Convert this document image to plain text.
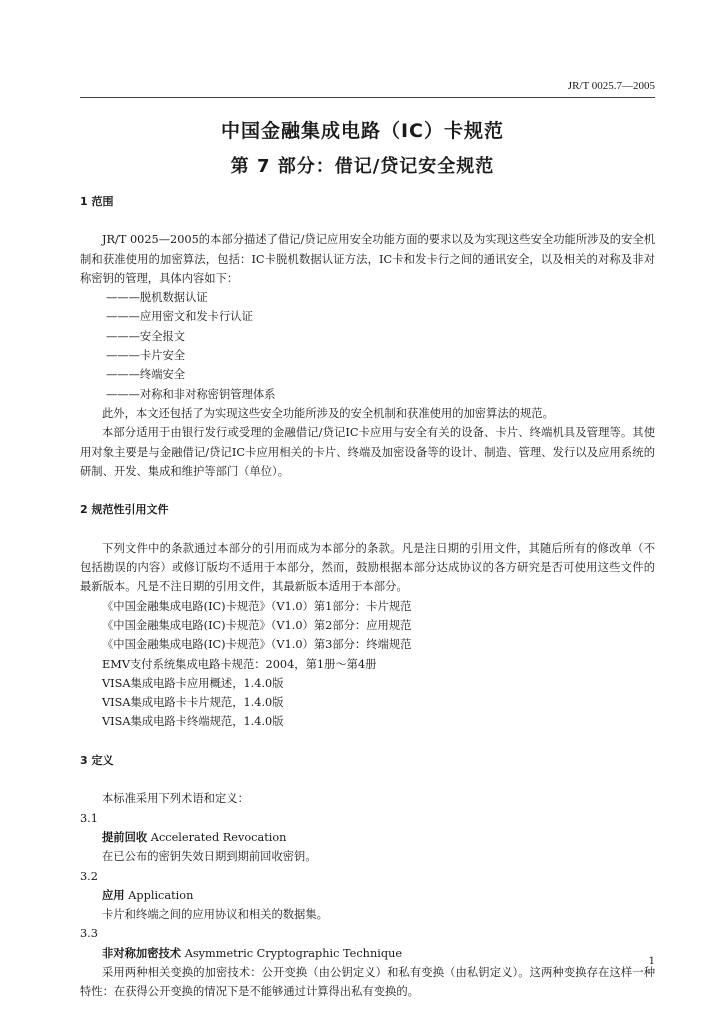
JR/T 0025.7—2005
中国金融集成电路（IC）卡规范
第 7 部分：借记/贷记安全规范

1 范围

JR/T 0025—2005的本部分描述了借记/贷记应用安全功能方面的要求以及为实现这些安全功能所涉及的安全机制和获准使用的加密算法，包括：IC卡脱机数据认证方法，IC卡和发卡行之间的通讯安全，以及相关的对称及非对称密钥的管理，具体内容如下：

———脱机数据认证

———应用密文和发卡行认证

———安全报文

———卡片安全

———终端安全

———对称和非对称密钥管理体系

此外，本文还包括了为实现这些安全功能所涉及的安全机制和获准使用的加密算法的规范。

本部分适用于由银行发行或受理的金融借记/贷记IC卡应用与安全有关的设备、卡片、终端机具及管理等。其使用对象主要是与金融借记/贷记IC卡应用相关的卡片、终端及加密设备等的设计、制造、管理、发行以及应用系统的研制、开发、集成和维护等部门（单位）。

2 规范性引用文件

下列文件中的条款通过本部分的引用而成为本部分的条款。凡是注日期的引用文件，其随后所有的修改单（不包括勘误的内容）或修订版均不适用于本部分，然而，鼓励根据本部分达成协议的各方研究是否可使用这些文件的最新版本。凡是不注日期的引用文件，其最新版本适用于本部分。

《中国金融集成电路(IC)卡规范》（V1.0）第1部分：卡片规范

《中国金融集成电路(IC)卡规范》（V1.0）第2部分：应用规范

《中国金融集成电路(IC)卡规范》（V1.0）第3部分：终端规范

EMV支付系统集成电路卡规范：2004，第1册～第4册

VISA集成电路卡应用概述，1.4.0版

VISA集成电路卡卡片规范，1.4.0版

VISA集成电路卡终端规范，1.4.0版

3 定义

本标准采用下列术语和定义：

3.1

提前回收 Accelerated Revocation

在已公布的密钥失效日期到期前回收密钥。

3.2

应用 Application

卡片和终端之间的应用协议和相关的数据集。

3.3

非对称加密技术 Asymmetric Cryptographic Technique

采用两种相关变换的加密技术：公开变换（由公钥定义）和私有变换（由私钥定义）。这两种变换存在这样一种特性：在获得公开变换的情况下是不能够通过计算得出私有变换的。

1
